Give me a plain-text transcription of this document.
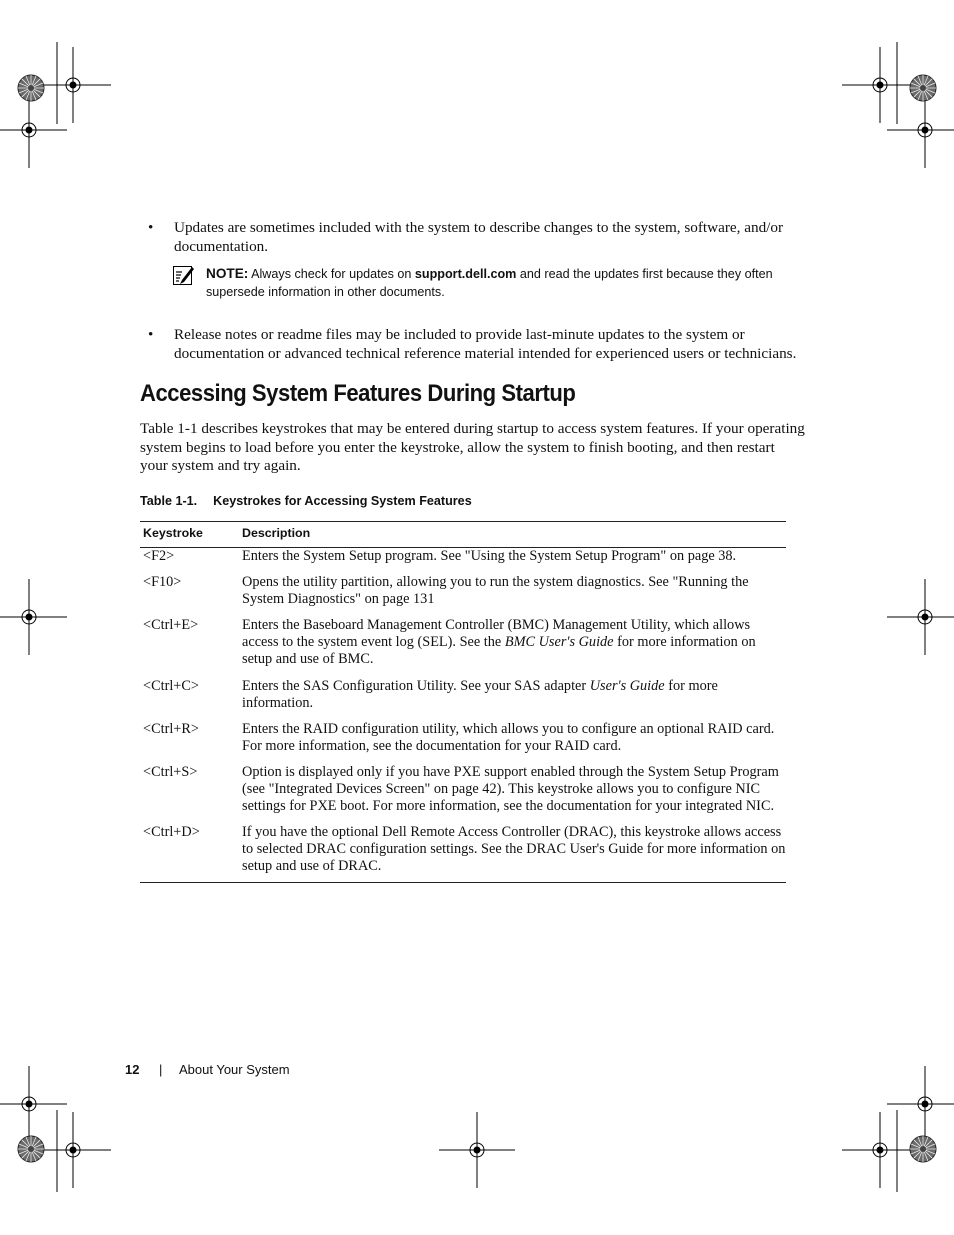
• Updates are sometimes included with the system to describe changes to the system, software, and/or documentation.
• Release notes or readme files may be included to provide last-minute updates to the system or documentation or advanced technical reference material intended for experienced users or technicians.
NOTE: Always check for updates on support.dell.com and read the updates first because they often supersede information in other documents.
Accessing System Features During Startup

Table 1-1 describes keystrokes that may be entered during startup to access system features. If your operating system begins to load before you enter the keystroke, allow the system to finish booting, and then restart your system and try again.

Table 1-1. Keystrokes for Accessing System Features
Keystroke	Description
<F2>	Enters the System Setup program. See "Using the System Setup Program" on page 38.
<F10>	Opens the utility partition, allowing you to run the system diagnostics. See "Running the System Diagnostics" on page 131
<Ctrl+E>	Enters the Baseboard Management Controller (BMC) Management Utility, which allows access to the system event log (SEL). See the BMC User's Guide for more information on setup and use of BMC.
<Ctrl+C>	Enters the SAS Configuration Utility. See your SAS adapter User's Guide for more information.
<Ctrl+R>	Enters the RAID configuration utility, which allows you to configure an optional RAID card. For more information, see the documentation for your RAID card.
<Ctrl+S>	Option is displayed only if you have PXE support enabled through the System Setup Program (see "Integrated Devices Screen" on page 42). This keystroke allows you to configure NIC settings for PXE boot. For more information, see the documentation for your integrated NIC.
<Ctrl+D>	If you have the optional Dell Remote Access Controller (DRAC), this keystroke allows access to selected DRAC configuration settings. See the DRAC User's Guide for more information on setup and use of DRAC.
12 | About Your System
